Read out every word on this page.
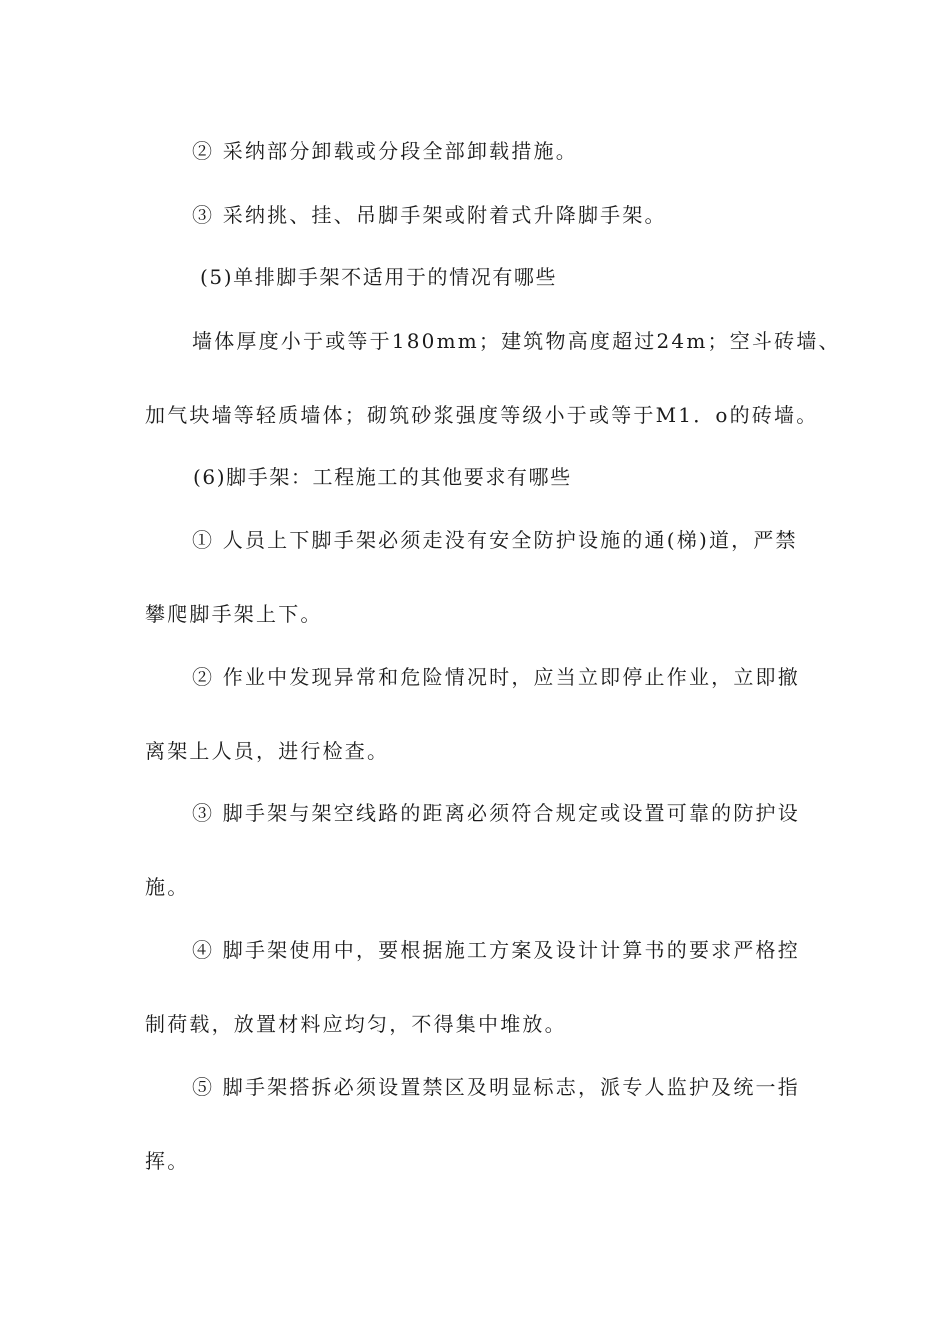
② 采纳部分卸载或分段全部卸载措施。
③ 采纳挑、挂、吊脚手架或附着式升降脚手架。
(5)单排脚手架不适用于的情况有哪些
墙体厚度小于或等于180mm；建筑物高度超过24m；空斗砖墙、
加气块墙等轻质墙体；砌筑砂浆强度等级小于或等于M1．o的砖墙。
(6)脚手架：工程施工的其他要求有哪些
① 人员上下脚手架必须走没有安全防护设施的通(梯)道，严禁
攀爬脚手架上下。
② 作业中发现异常和危险情况时，应当立即停止作业，立即撤
离架上人员，进行检查。
③ 脚手架与架空线路的距离必须符合规定或设置可靠的防护设
施。
④ 脚手架使用中，要根据施工方案及设计计算书的要求严格控
制荷载，放置材料应均匀，不得集中堆放。
⑤ 脚手架搭拆必须设置禁区及明显标志，派专人监护及统一指
挥。
